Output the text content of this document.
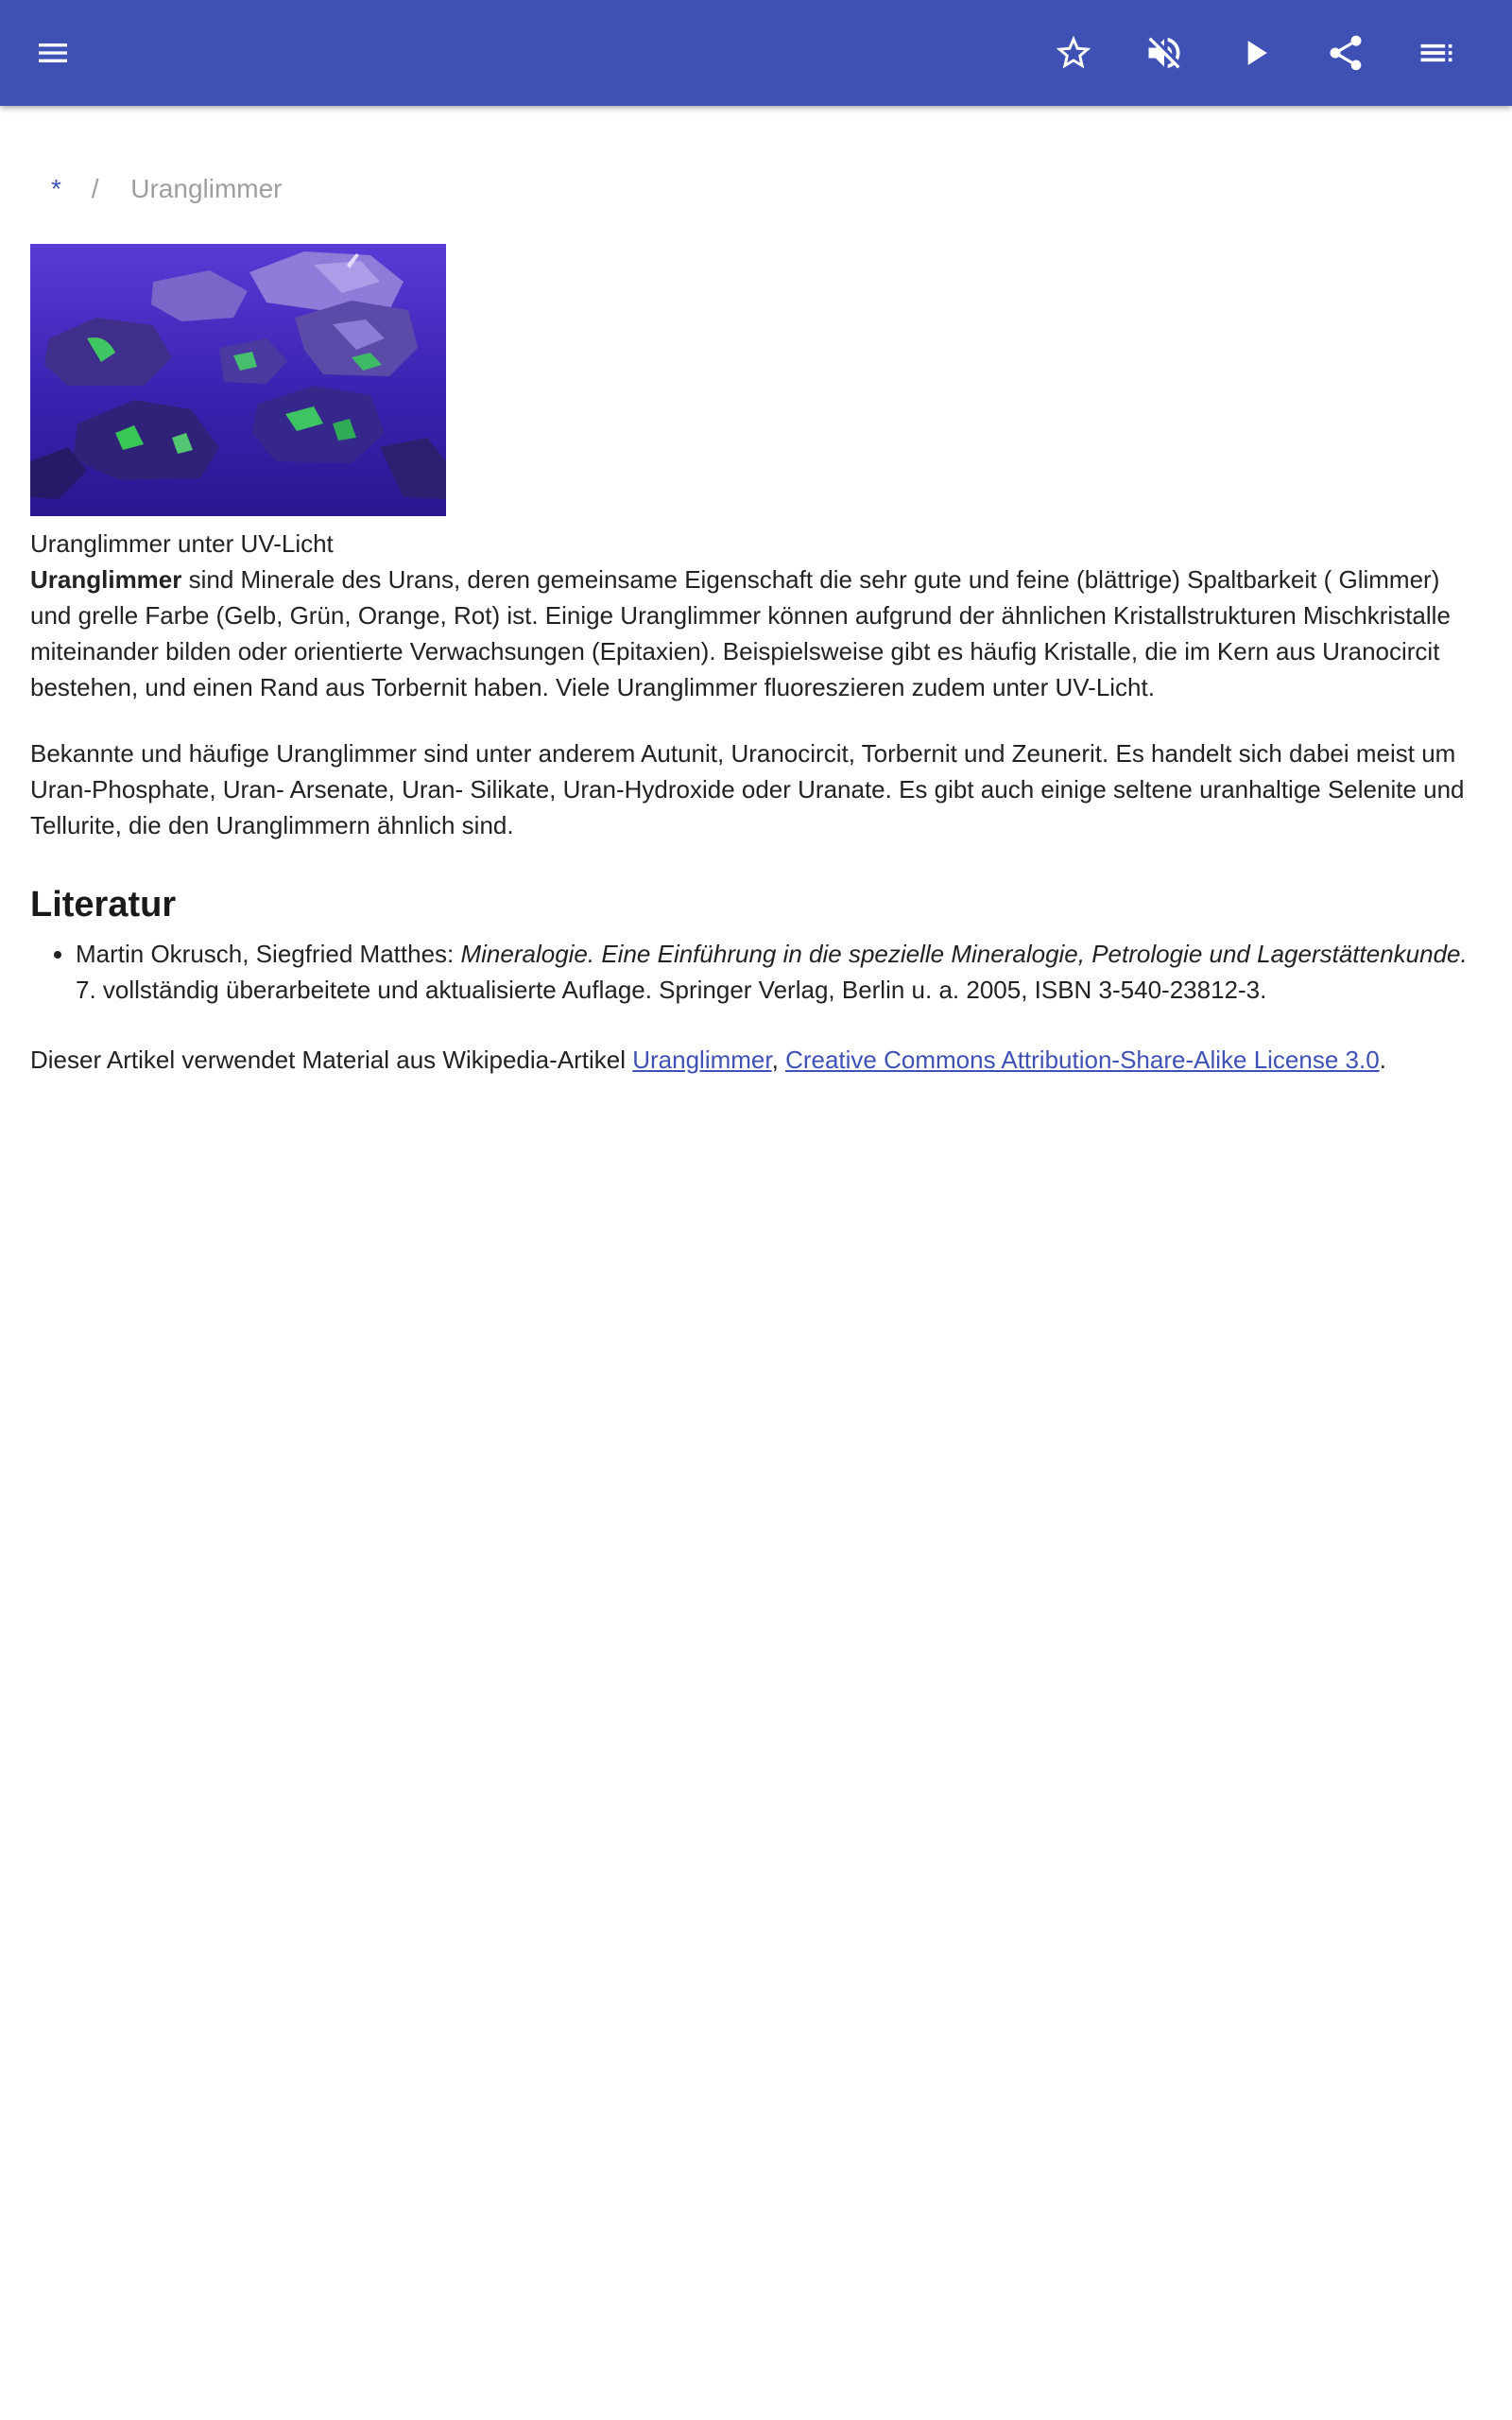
* / Uranglimmer
Uranglimmer unter UV-Licht

Uranglimmer sind Minerale des Urans, deren gemeinsame Eigenschaft die sehr gute und feine (blättrige) Spaltbarkeit ( Glimmer) und grelle Farbe (Gelb, Grün, Orange, Rot) ist. Einige Uranglimmer können aufgrund der ähnlichen Kristallstrukturen Mischkristalle miteinander bilden oder orientierte Verwachsungen (Epitaxien). Beispielsweise gibt es häufig Kristalle, die im Kern aus Uranocircit bestehen, und einen Rand aus Torbernit haben. Viele Uranglimmer fluoreszieren zudem unter UV-Licht.

Bekannte und häufige Uranglimmer sind unter anderem Autunit, Uranocircit, Torbernit und Zeunerit. Es handelt sich dabei meist um Uran-Phosphate, Uran- Arsenate, Uran- Silikate, Uran-Hydroxide oder Uranate. Es gibt auch einige seltene uranhaltige Selenite und Tellurite, die den Uranglimmern ähnlich sind.

Literatur
• Martin Okrusch, Siegfried Matthes: Mineralogie. Eine Einführung in die spezielle Mineralogie, Petrologie und Lagerstättenkunde. 7. vollständig überarbeitete und aktualisierte Auflage. Springer Verlag, Berlin u. a. 2005, ISBN 3-540-23812-3.

Dieser Artikel verwendet Material aus Wikipedia-Artikel Uranglimmer, Creative Commons Attribution-Share-Alike License 3.0.
